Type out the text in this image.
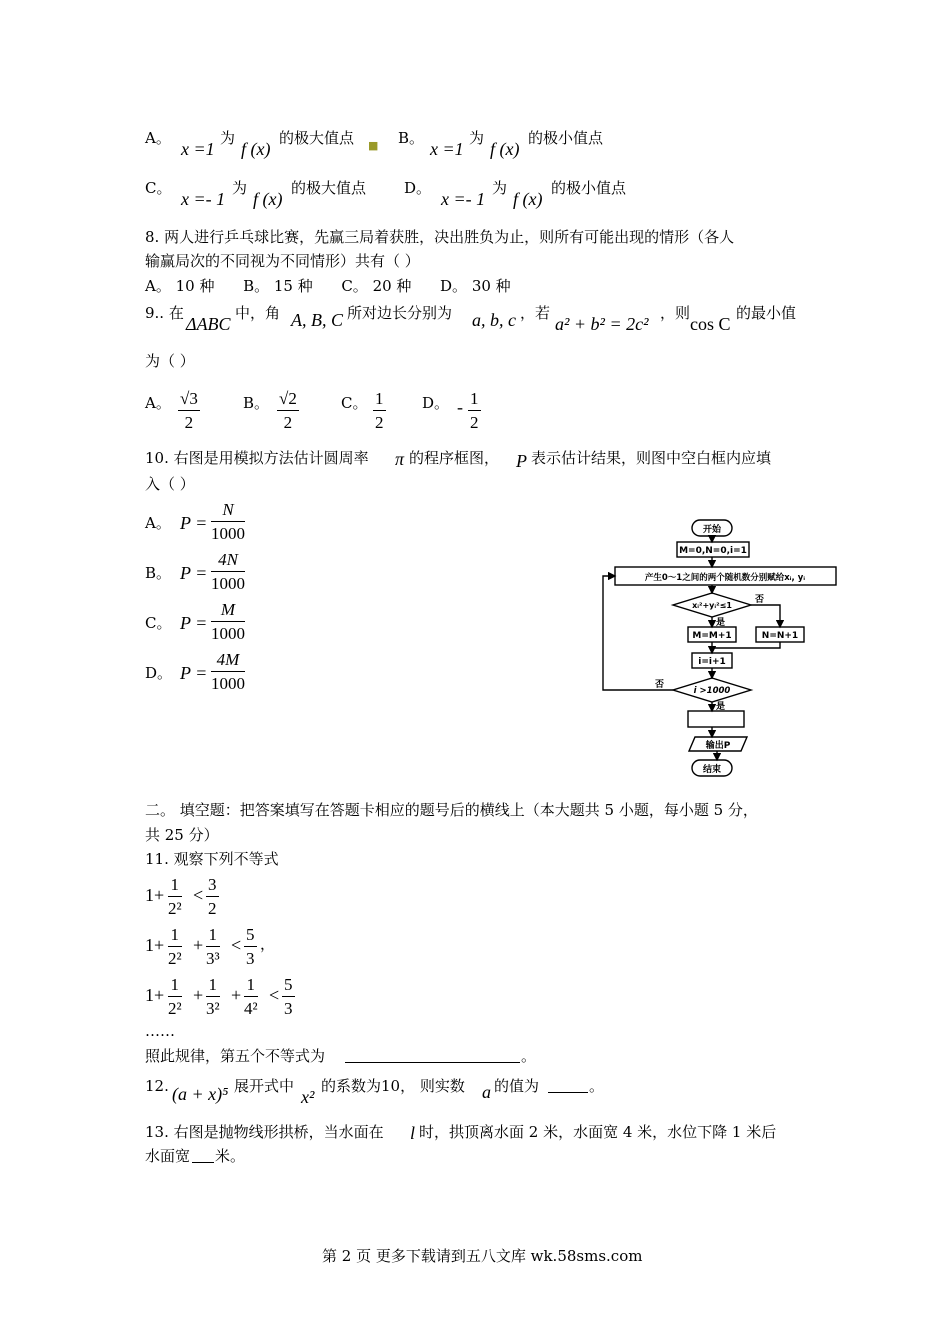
A。
x =1
为
f (x)
的极大值点 ■ B。
x =1
为
f (x)
的极小值点
C。
x =- 1
为
f (x)
的极大值点	D。
x =- 1
为
f (x)
的极小值点
8. 两人进行乒乓球比赛，先赢三局着获胜，决出胜负为止，则所有可能出现的情形（各人
输赢局次的不同视为不同情形）共有（ ）
A。 10 种      B。 15 种      C。 20 种      D。 30 种
9.. 在
ΔABC
中，角 A, B, C 所对边长分别为 a, b, c ，若
a² + b² = 2c²
，则
cos C
的最小值
为（ ）
A。 $\frac{√3}{2}$	B。 $\frac{√2}{2}$	C。 $\frac{1}{2}$ D。 - $\frac{1}{2}$
10. 右图是用模拟方法估计圆周率 π 的程序框图， P 表示估计结果，则图中空白框内应填
入（ ）
A。 $P = \frac{N}{1000}$
B。 $P = \frac{4N}{1000}$
C。 $P = \frac{M}{1000}$
D。 $P = \frac{4M}{1000}$
开始
M=0,N=0,i=1
产生0～1之间的两个随机数分别赋给xᵢ, yᵢ
xᵢ²+yᵢ²≤1
否
是
M=M+1	N=N+1
i=i+1
i >1000
否
是
输出P
结束
二。 填空题：把答案填写在答题卡相应的题号后的横线上（本大题共 5 小题，每小题 5 分，
共 25 分）
11. 观察下列不等式
$1+ \frac{1}{\text{2²}} < \frac{3}{2}$
$1+ \frac{1}{\text{2²}} + \frac{1}{\text{3³}} < \frac{5}{3}$ ，
$1+ \frac{1}{\text{2²}} + \frac{1}{\text{3²}} + \frac{1}{\text{4²}} < \frac{5}{3}$
……
照此规律，第五个不等式为	。
12. (a + x)⁵ 展开式中
x²
的系数为10， 则实数 a 的值为	。
13. 右图是抛物线形拱桥，当水面在 l 时，拱顶离水面 2 米，水面宽 4 米，水位下降 1 米后
水面宽 米。
第 2 页 更多下载请到五八文库 wk.58sms.com
